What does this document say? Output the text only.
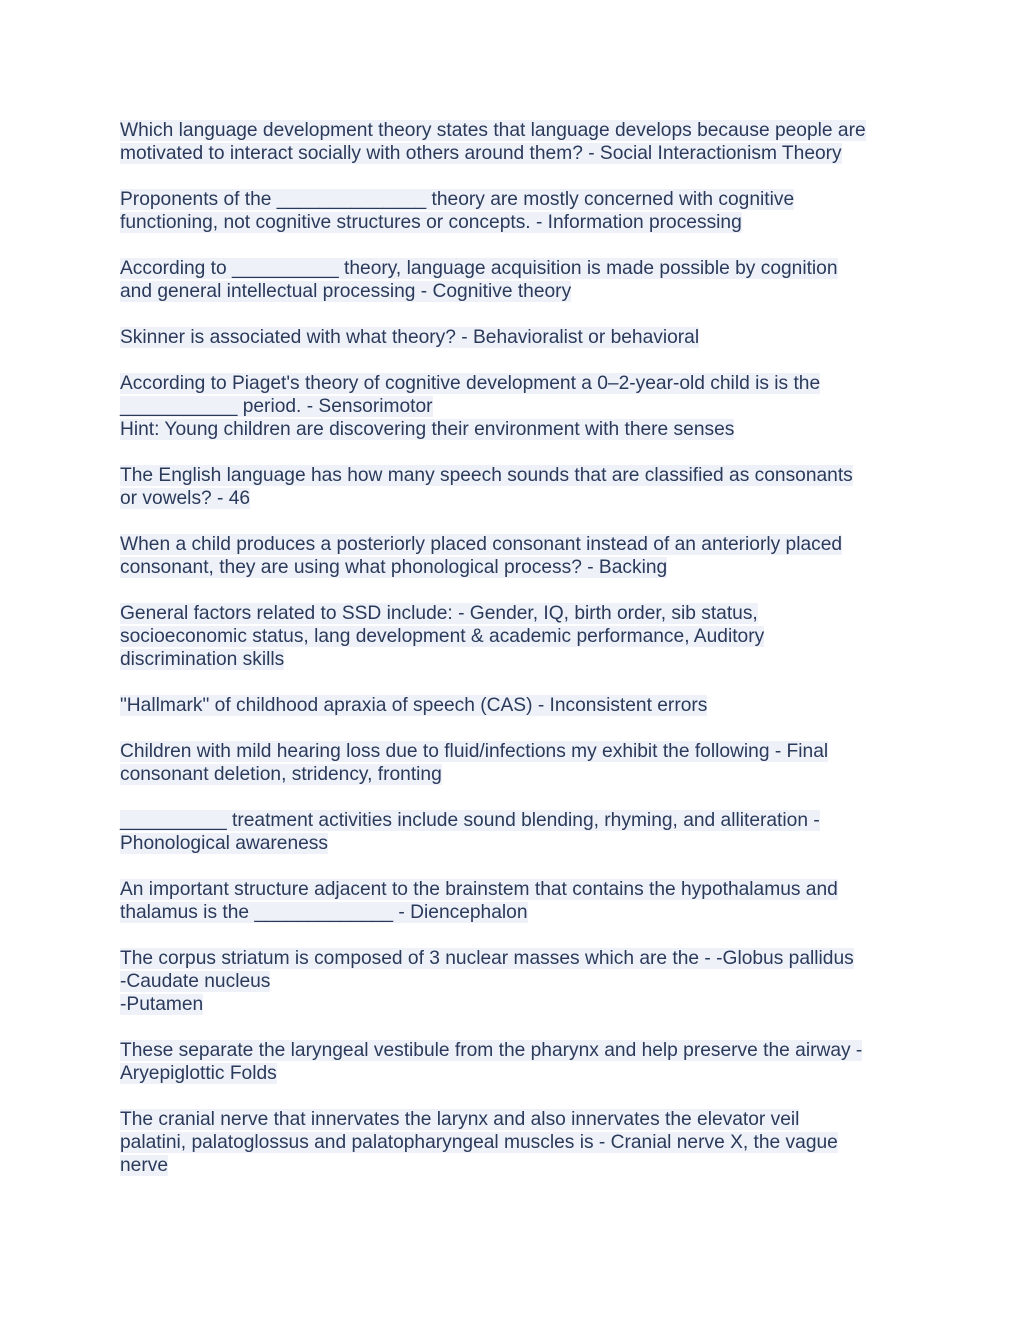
Which language development theory states that language develops because people are
motivated to interact socially with others around them? - Social Interactionism Theory
Proponents of the ______________ theory are mostly concerned with cognitive
functioning, not cognitive structures or concepts. - Information processing
According to __________ theory, language acquisition is made possible by cognition
and general intellectual processing - Cognitive theory
Skinner is associated with what theory? - Behavioralist or behavioral
According to Piaget's theory of cognitive development a 0–2-year-old child is is the
___________ period. - Sensorimotor
Hint: Young children are discovering their environment with there senses
The English language has how many speech sounds that are classified as consonants
or vowels? - 46
When a child produces a posteriorly placed consonant instead of an anteriorly placed
consonant, they are using what phonological process? - Backing
General factors related to SSD include: - Gender, IQ, birth order, sib status,
socioeconomic status, lang development & academic performance, Auditory
discrimination skills
"Hallmark" of childhood apraxia of speech (CAS) - Inconsistent errors
Children with mild hearing loss due to fluid/infections my exhibit the following - Final
consonant deletion, stridency, fronting
__________ treatment activities include sound blending, rhyming, and alliteration -
Phonological awareness
An important structure adjacent to the brainstem that contains the hypothalamus and
thalamus is the _____________ - Diencephalon
The corpus striatum is composed of 3 nuclear masses which are the - -Globus pallidus
-Caudate nucleus
-Putamen
These separate the laryngeal vestibule from the pharynx and help preserve the airway -
Aryepiglottic Folds
The cranial nerve that innervates the larynx and also innervates the elevator veil
palatini, palatoglossus and palatopharyngeal muscles is - Cranial nerve X, the vague
nerve
